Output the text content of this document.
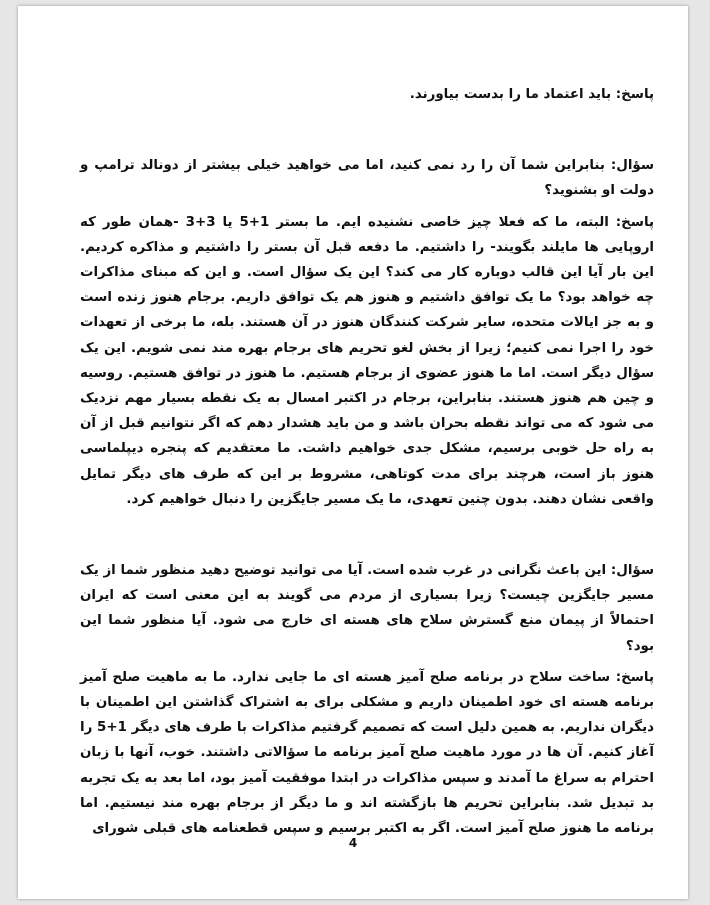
پاسخ: باید اعتماد ما را بدست بیاورند.

سؤال: بنابراین شما آن را رد نمی کنید، اما می خواهید خیلی بیشتر از دونالد ترامپ و دولت او بشنوید؟

پاسخ: البته، ما که فعلا چیز خاصی نشنیده ایم. ما بستر 1+5 یا 3+3 -همان طور که اروپایی ها مایلند بگویند- را داشتیم. ما دفعه قبل آن بستر را داشتیم و مذاکره کردیم. این بار آیا این قالب دوباره کار می کند؟ این یک سؤال است. و این که مبنای مذاکرات چه خواهد بود؟ ما یک توافق داشتیم و هنوز هم یک توافق داریم. برجام هنوز زنده است و به جز ایالات متحده، سایر شرکت کنندگان هنوز در آن هستند. بله، ما برخی از تعهدات خود را اجرا نمی کنیم؛ زیرا از بخش لغو تحریم های برجام بهره مند نمی شویم. این یک سؤال دیگر است. اما ما هنوز عضوی از برجام هستیم. ما هنوز در توافق هستیم. روسیه و چین هم هنوز هستند. بنابراین، برجام در اکتبر امسال به یک نقطه بسیار مهم نزدیک می شود که می تواند نقطه بحران باشد و من باید هشدار دهم که اگر نتوانیم قبل از آن به راه حل خوبی برسیم، مشکل جدی خواهیم داشت. ما معتقدیم که پنجره دیپلماسی هنوز باز است، هرچند برای مدت کوتاهی، مشروط بر این که طرف های دیگر تمایل واقعی نشان دهند. بدون چنین تعهدی، ما یک مسیر جایگزین را دنبال خواهیم کرد.

سؤال: این باعث نگرانی در غرب شده است. آیا می توانید توضیح دهید منظور شما از یک مسیر جایگزین چیست؟ زیرا بسیاری از مردم می گویند به این معنی است که ایران احتمالاً از پیمان منع گسترش سلاح های هسته ای خارج می شود. آیا منظور شما این بود؟

پاسخ: ساخت سلاح در برنامه صلح آمیز هسته ای ما جایی ندارد. ما به ماهیت صلح آمیز برنامه هسته ای خود اطمینان داریم و مشکلی برای به اشتراک گذاشتن این اطمینان با دیگران نداریم. به همین دلیل است که تصمیم گرفتیم مذاکرات با طرف های دیگر 1+5 را آغاز کنیم. آن ها در مورد ماهیت صلح آمیز برنامه ما سؤالاتی داشتند. خوب، آنها با زبان احترام به سراغ ما آمدند و سپس مذاکرات در ابتدا موفقیت آمیز بود، اما بعد به یک تجربه بد تبدیل شد. بنابراین تحریم ها بازگشته اند و ما دیگر از برجام بهره مند نیستیم. اما برنامه ما هنوز صلح آمیز است. اگر به اکتبر برسیم و سپس قطعنامه های قبلی شورای

4
